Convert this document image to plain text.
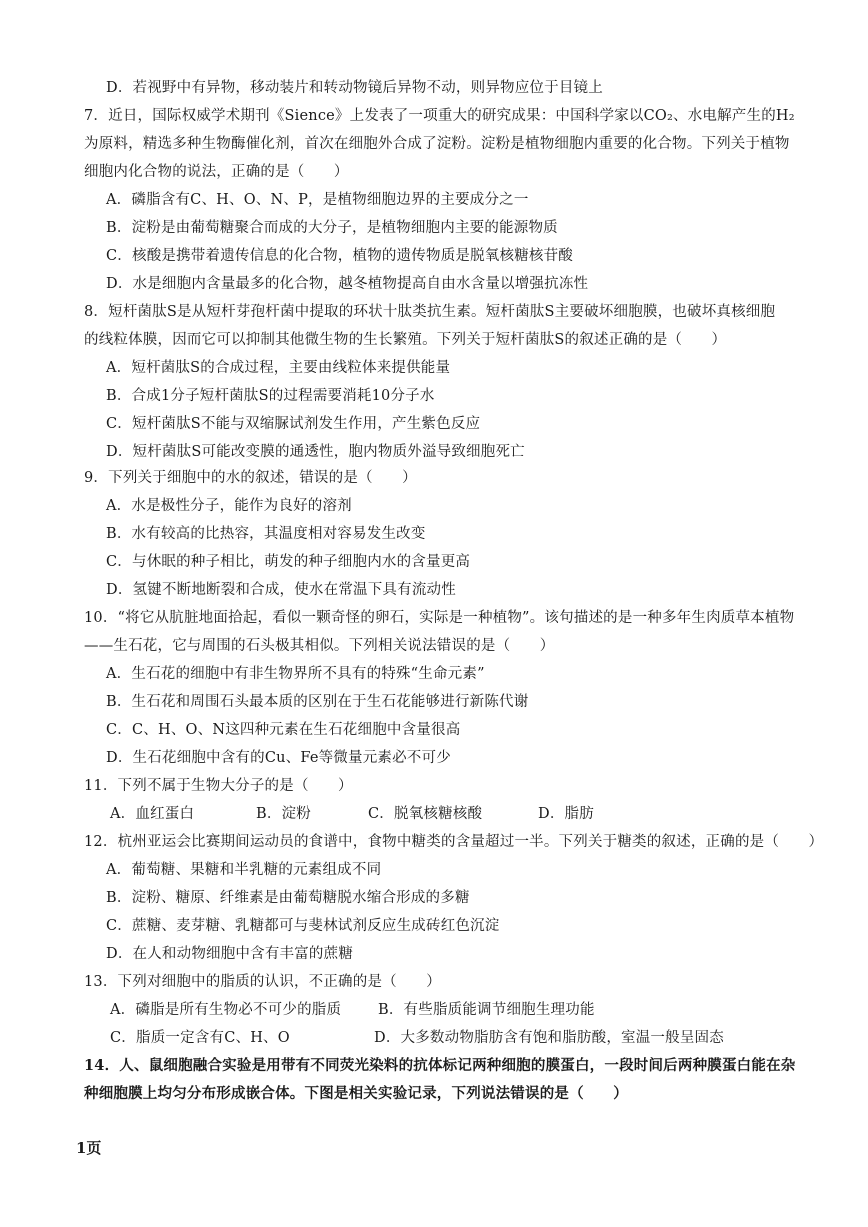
D．若视野中有异物，移动装片和转动物镜后异物不动，则异物应位于目镜上
7．近日，国际权威学术期刊《Sience》上发表了一项重大的研究成果：中国科学家以CO₂、水电解产生的H₂
为原料，精选多种生物酶催化剂，首次在细胞外合成了淀粉。淀粉是植物细胞内重要的化合物。下列关于植物
细胞内化合物的说法，正确的是（　　）
A．磷脂含有C、H、O、N、P，是植物细胞边界的主要成分之一
B．淀粉是由葡萄糖聚合而成的大分子，是植物细胞内主要的能源物质
C．核酸是携带着遗传信息的化合物，植物的遗传物质是脱氧核糖核苷酸
D．水是细胞内含量最多的化合物，越冬植物提高自由水含量以增强抗冻性
8．短杆菌肽S是从短杆芽孢杆菌中提取的环状十肽类抗生素。短杆菌肽S主要破坏细胞膜，也破坏真核细胞
的线粒体膜，因而它可以抑制其他微生物的生长繁殖。下列关于短杆菌肽S的叙述正确的是（　　）
A．短杆菌肽S的合成过程，主要由线粒体来提供能量
B．合成1分子短杆菌肽S的过程需要消耗10分子水
C．短杆菌肽S不能与双缩脲试剂发生作用，产生紫色反应
D．短杆菌肽S可能改变膜的通透性，胞内物质外溢导致细胞死亡
9．下列关于细胞中的水的叙述，错误的是（　　）
A．水是极性分子，能作为良好的溶剂
B．水有较高的比热容，其温度相对容易发生改变
C．与休眠的种子相比，萌发的种子细胞内水的含量更高
D．氢键不断地断裂和合成，使水在常温下具有流动性
10．“将它从肮脏地面拾起，看似一颗奇怪的卵石，实际是一种植物”。该句描述的是一种多年生肉质草本植物
——生石花，它与周围的石头极其相似。下列相关说法错误的是（　　）
A．生石花的细胞中有非生物界所不具有的特殊“生命元素”
B．生石花和周围石头最本质的区别在于生石花能够进行新陈代谢
C．C、H、O、N这四种元素在生石花细胞中含量很高
D．生石花细胞中含有的Cu、Fe等微量元素必不可少
11．下列不属于生物大分子的是（　　）
A．血红蛋白	B．淀粉	C．脱氧核糖核酸	D．脂肪
12．杭州亚运会比赛期间运动员的食谱中，食物中糖类的含量超过一半。下列关于糖类的叙述，正确的是（　　）
A．葡萄糖、果糖和半乳糖的元素组成不同
B．淀粉、糖原、纤维素是由葡萄糖脱水缩合形成的多糖
C．蔗糖、麦芽糖、乳糖都可与斐林试剂反应生成砖红色沉淀
D．在人和动物细胞中含有丰富的蔗糖
13．下列对细胞中的脂质的认识，不正确的是（　　）
A．磷脂是所有生物必不可少的脂质	B．有些脂质能调节细胞生理功能
C．脂质一定含有C、H、O	D．大多数动物脂肪含有饱和脂肪酸，室温一般呈固态
14．人、鼠细胞融合实验是用带有不同荧光染料的抗体标记两种细胞的膜蛋白，一段时间后两种膜蛋白能在杂
种细胞膜上均匀分布形成嵌合体。下图是相关实验记录，下列说法错误的是（　　）
1页
